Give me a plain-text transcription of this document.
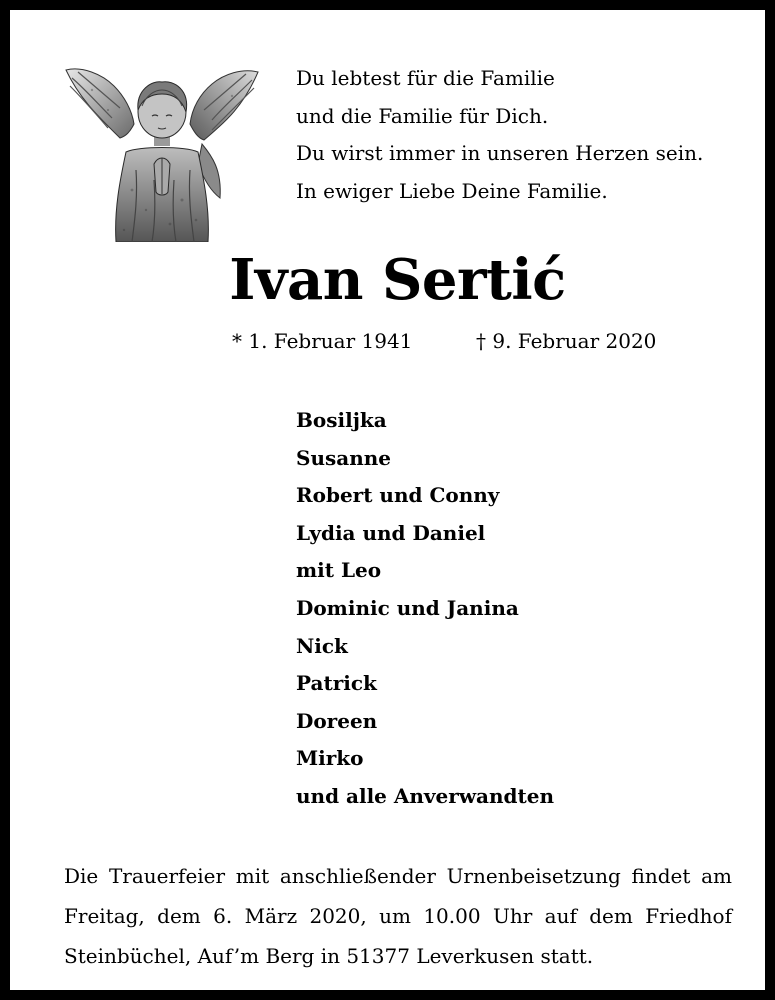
Du lebtest für die Familie
und die Familie für Dich.
Du wirst immer in unseren Herzen sein.
In ewiger Liebe Deine Familie.
Ivan Sertić
* 1. Februar 1941	† 9. Februar 2020
Bosiljka
Susanne
Robert und Conny
Lydia und Daniel
mit Leo
Dominic und Janina
Nick
Patrick
Doreen
Mirko
und alle Anverwandten
Die Trauerfeier mit anschließender Urnenbeisetzung findet am Freitag, dem 6. März 2020, um 10.00 Uhr auf dem Friedhof Steinbüchel, Auf’m Berg in 51377 Leverkusen statt.
